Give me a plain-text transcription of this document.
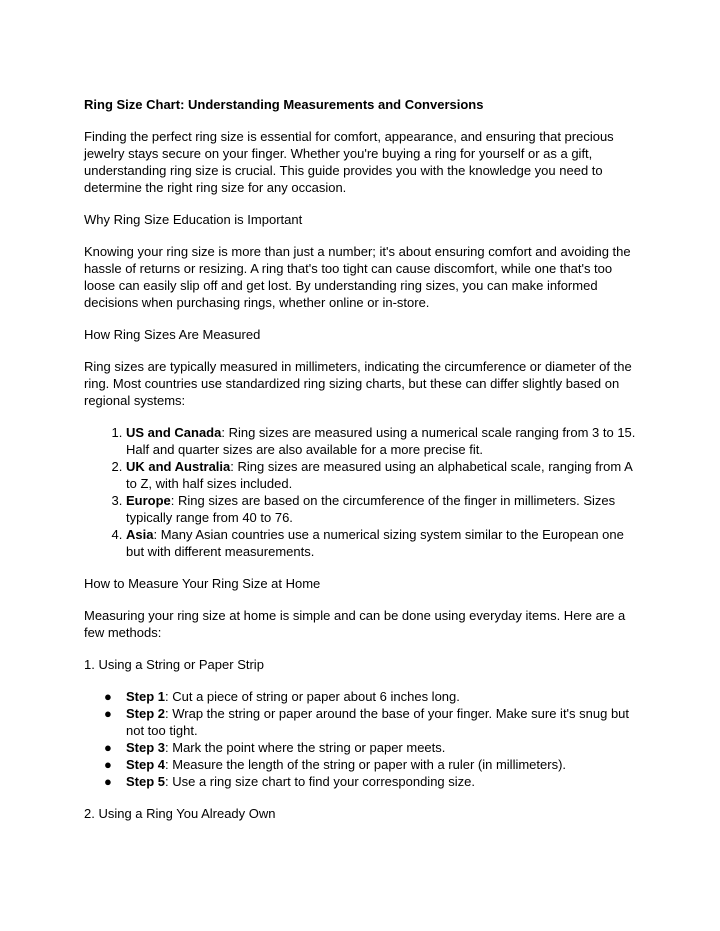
Ring Size Chart: Understanding Measurements and Conversions

Finding the perfect ring size is essential for comfort, appearance, and ensuring that precious jewelry stays secure on your finger. Whether you're buying a ring for yourself or as a gift, understanding ring size is crucial. This guide provides you with the knowledge you need to determine the right ring size for any occasion.

Why Ring Size Education is Important

Knowing your ring size is more than just a number; it's about ensuring comfort and avoiding the hassle of returns or resizing. A ring that's too tight can cause discomfort, while one that's too loose can easily slip off and get lost. By understanding ring sizes, you can make informed decisions when purchasing rings, whether online or in-store.

How Ring Sizes Are Measured

Ring sizes are typically measured in millimeters, indicating the circumference or diameter of the ring. Most countries use standardized ring sizing charts, but these can differ slightly based on regional systems:

1. US and Canada: Ring sizes are measured using a numerical scale ranging from 3 to 15. Half and quarter sizes are also available for a more precise fit.
2. UK and Australia: Ring sizes are measured using an alphabetical scale, ranging from A to Z, with half sizes included.
3. Europe: Ring sizes are based on the circumference of the finger in millimeters. Sizes typically range from 40 to 76.
4. Asia: Many Asian countries use a numerical sizing system similar to the European one but with different measurements.

How to Measure Your Ring Size at Home

Measuring your ring size at home is simple and can be done using everyday items. Here are a few methods:

1. Using a String or Paper Strip

● Step 1: Cut a piece of string or paper about 6 inches long.
● Step 2: Wrap the string or paper around the base of your finger. Make sure it's snug but not too tight.
● Step 3: Mark the point where the string or paper meets.
● Step 4: Measure the length of the string or paper with a ruler (in millimeters).
● Step 5: Use a ring size chart to find your corresponding size.

2. Using a Ring You Already Own
